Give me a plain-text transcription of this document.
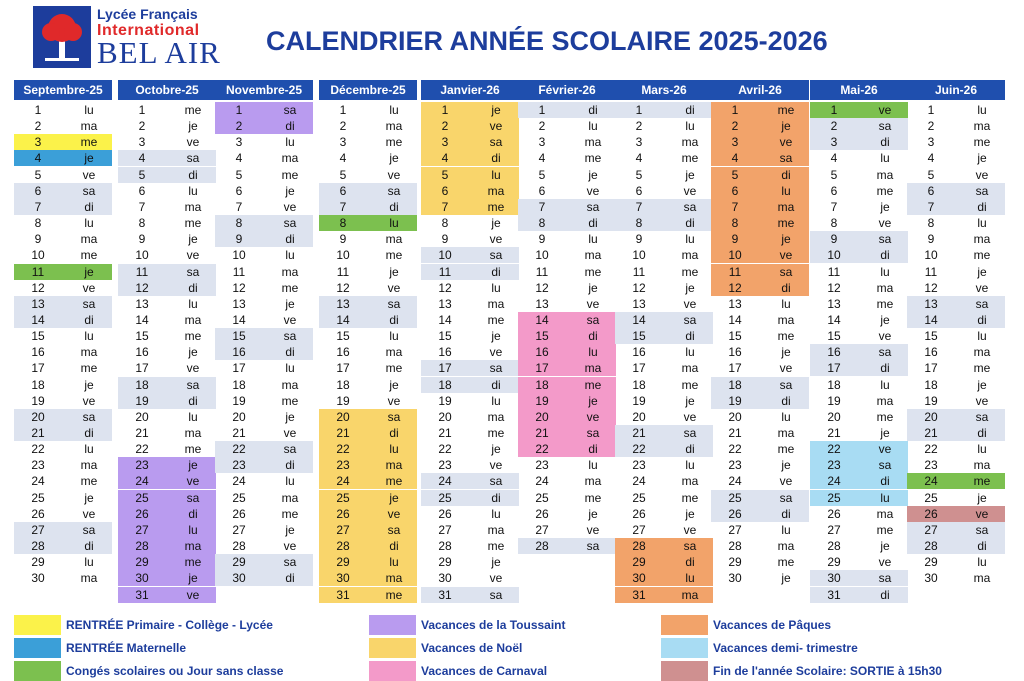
Lycée Français
International
BEL AIR CALENDRIER ANNÉE SCOLAIRE 2025-2026
Septembre-25
1	lu
2	ma
3	me
4	je
5	ve
6	sa
7	di
8	lu
9	ma
10	me
11	je
12	ve
13	sa
14	di
15	lu
16	ma
17	me
18	je
19	ve
20	sa
21	di
22	lu
23	ma
24	me
25	je
26	ve
27	sa
28	di
29	lu
30	ma
Octobre-25
1	me
2	je
3	ve
4	sa
5	di
6	lu
7	ma
8	me
9	je
10	ve
11	sa
12	di
13	lu
14	ma
15	me
16	je
17	ve
18	sa
19	di
20	lu
21	ma
22	me
23	je
24	ve
25	sa
26	di
27	lu
28	ma
29	me
30	je
31	ve
Novembre-25
1	sa
2	di
3	lu
4	ma
5	me
6	je
7	ve
8	sa
9	di
10	lu
11	ma
12	me
13	je
14	ve
15	sa
16	di
17	lu
18	ma
19	me
20	je
21	ve
22	sa
23	di
24	lu
25	ma
26	me
27	je
28	ve
29	sa
30	di
Décembre-25
1	lu
2	ma
3	me
4	je
5	ve
6	sa
7	di
8	lu
9	ma
10	me
11	je
12	ve
13	sa
14	di
15	lu
16	ma
17	me
18	je
19	ve
20	sa
21	di
22	lu
23	ma
24	me
25	je
26	ve
27	sa
28	di
29	lu
30	ma
31	me
Janvier-26
1	je
2	ve
3	sa
4	di
5	lu
6	ma
7	me
8	je
9	ve
10	sa
11	di
12	lu
13	ma
14	me
15	je
16	ve
17	sa
18	di
19	lu
20	ma
21	me
22	je
23	ve
24	sa
25	di
26	lu
27	ma
28	me
29	je
30	ve
31	sa
Février-26
1	di
2	lu
3	ma
4	me
5	je
6	ve
7	sa
8	di
9	lu
10	ma
11	me
12	je
13	ve
14	sa
15	di
16	lu
17	ma
18	me
19	je
20	ve
21	sa
22	di
23	lu
24	ma
25	me
26	je
27	ve
28	sa
Mars-26
1	di
2	lu
3	ma
4	me
5	je
6	ve
7	sa
8	di
9	lu
10	ma
11	me
12	je
13	ve
14	sa
15	di
16	lu
17	ma
18	me
19	je
20	ve
21	sa
22	di
23	lu
24	ma
25	me
26	je
27	ve
28	sa
29	di
30	lu
31	ma
Avril-26
1	me
2	je
3	ve
4	sa
5	di
6	lu
7	ma
8	me
9	je
10	ve
11	sa
12	di
13	lu
14	ma
15	me
16	je
17	ve
18	sa
19	di
20	lu
21	ma
22	me
23	je
24	ve
25	sa
26	di
27	lu
28	ma
29	me
30	je
Mai-26
1	ve
2	sa
3	di
4	lu
5	ma
6	me
7	je
8	ve
9	sa
10	di
11	lu
12	ma
13	me
14	je
15	ve
16	sa
17	di
18	lu
19	ma
20	me
21	je
22	ve
23	sa
24	di
25	lu
26	ma
27	me
28	je
29	ve
30	sa
31	di
Juin-26
1	lu
2	ma
3	me
4	je
5	ve
6	sa
7	di
8	lu
9	ma
10	me
11	je
12	ve
13	sa
14	di
15	lu
16	ma
17	me
18	je
19	ve
20	sa
21	di
22	lu
23	ma
24	me
25	je
26	ve
27	sa
28	di
29	lu
30	ma
RENTRÉE Primaire - Collège - Lycée
RENTRÉE Maternelle
Congés scolaires ou Jour sans classe
Vacances de la Toussaint
Vacances de Noël
Vacances de Carnaval
Vacances de Pâques
Vacances demi- trimestre
Fin de l'année Scolaire: SORTIE à 15h30
